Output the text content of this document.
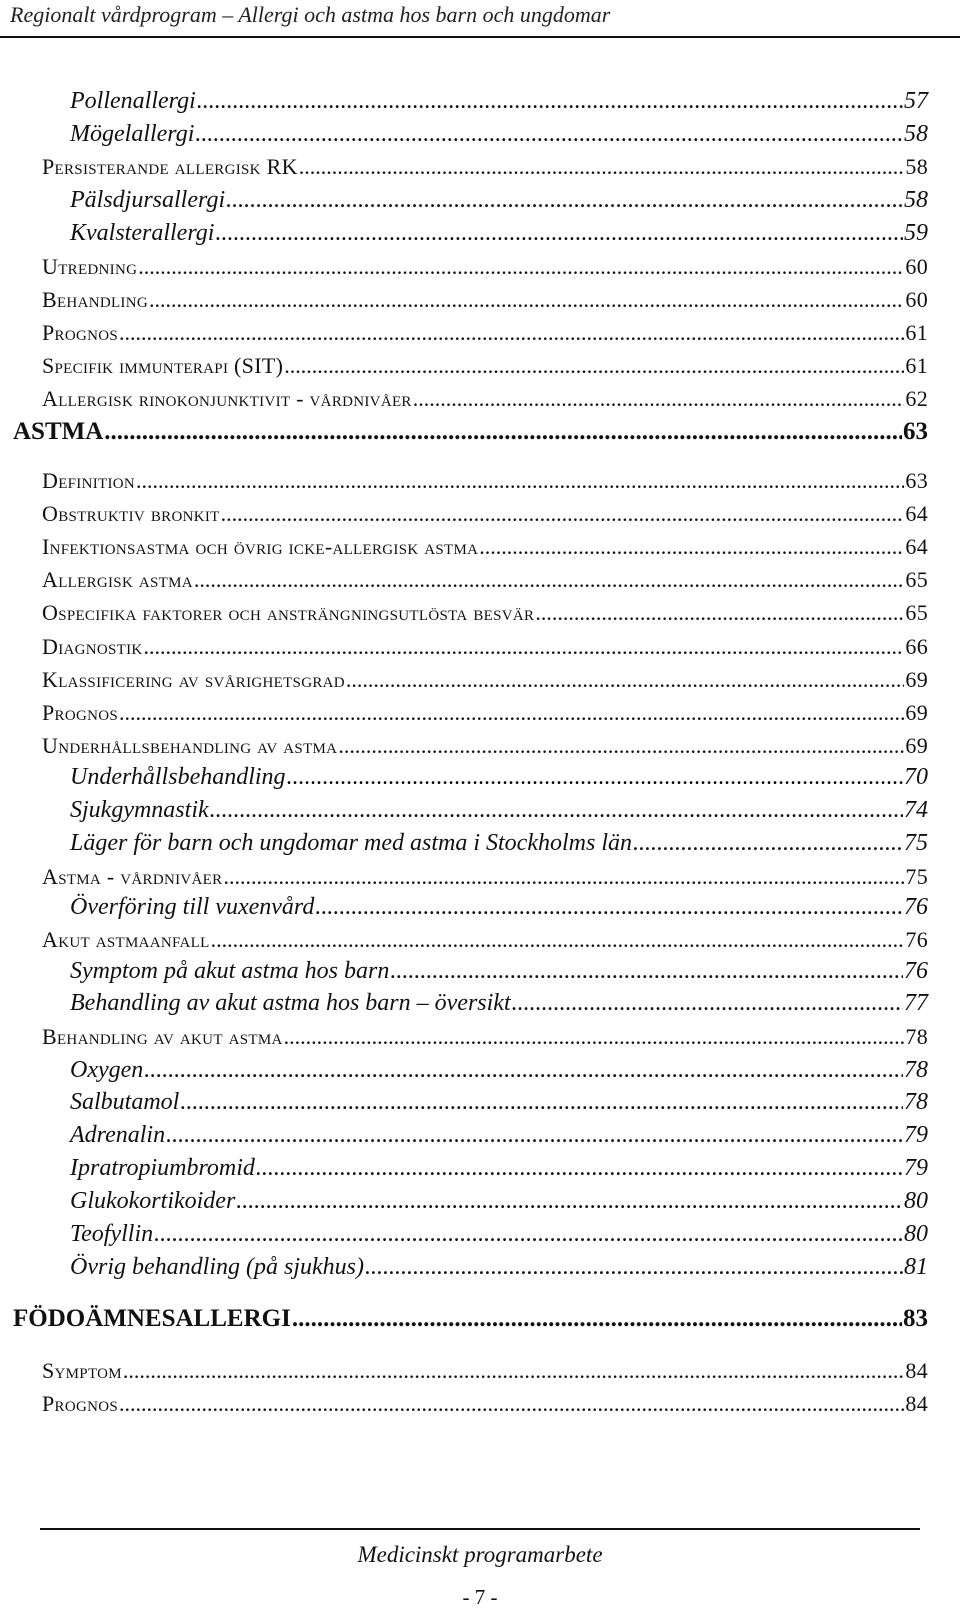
Regionalt vårdprogram – Allergi och astma hos barn och ungdomar
Pollenallergi .....	57
Mögelallergi .....	58
Persisterande allergisk RK .....	58
Pälsdjursallergi .....	58
Kvalsterallergi .....	59
Utredning .....	60
Behandling .....	60
Prognos .....	61
Specifik immunterapi (SIT) .....	61
Allergisk rinokonjunktivit - vårdnivåer .....	62
ASTMA .....	63
Definition .....	63
Obstruktiv bronkit .....	64
Infektionsastma och övrig icke-allergisk astma .....	64
Allergisk astma .....	65
Ospecifika faktorer och ansträngningsutlösta besvär .....	65
Diagnostik .....	66
Klassificering av svårighetsgrad .....	69
Prognos .....	69
Underhållsbehandling av astma .....	69
Underhållsbehandling .....	70
Sjukgymnastik .....	74
Läger för barn och ungdomar med astma i Stockholms län .....	75
Astma - vårdnivåer .....	75
Överföring till vuxenvård .....	76
Akut astmaanfall .....	76
Symptom på akut astma hos barn .....	76
Behandling av akut astma hos barn – översikt .....	77
Behandling av akut astma .....	78
Oxygen .....	78
Salbutamol .....	78
Adrenalin .....	79
Ipratropiumbromid .....	79
Glukokortikoider .....	80
Teofyllin .....	80
Övrig behandling (på sjukhus) .....	81
FÖDOÄMNESALLERGI .....	83
Symptom .....	84
Prognos .....	84
Medicinskt programarbete
- 7 -
